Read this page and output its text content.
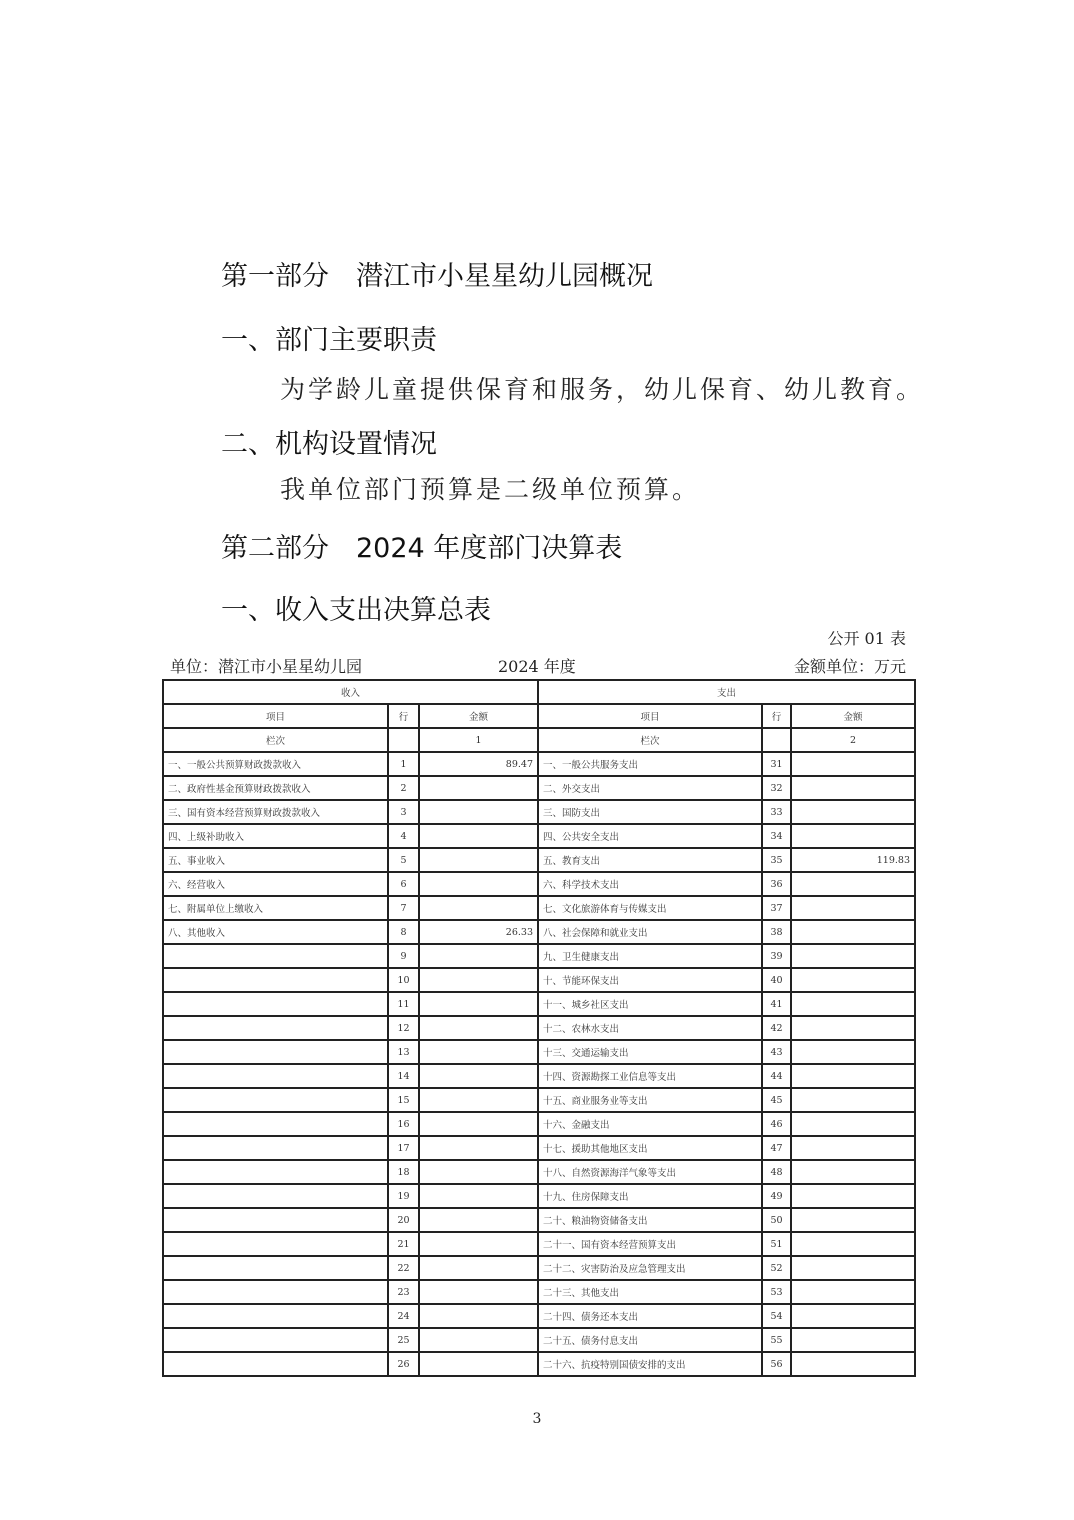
第一部分　潜江市小星星幼儿园概况
一、部门主要职责
为学龄儿童提供保育和服务，幼儿保育、幼儿教育。
二、机构设置情况
我单位部门预算是二级单位预算。
第二部分　2024 年度部门决算表
一、收入支出决算总表
公开 01 表
单位：潜江市小星星幼儿园	2024 年度	金额单位：万元
收入			支出		
项目	行	金额	项目	行	金额
栏次		1	栏次		2
一、一般公共预算财政拨款收入	1	89.47	一、一般公共服务支出	31	
二、政府性基金预算财政拨款收入	2		二、外交支出	32	
三、国有资本经营预算财政拨款收入	3		三、国防支出	33	
四、上级补助收入	4		四、公共安全支出	34	
五、事业收入	5		五、教育支出	35	119.83
六、经营收入	6		六、科学技术支出	36	
七、附属单位上缴收入	7		七、文化旅游体育与传媒支出	37	
八、其他收入	8	26.33	八、社会保障和就业支出	38	
	9		九、卫生健康支出	39	
	10		十、节能环保支出	40	
	11		十一、城乡社区支出	41	
	12		十二、农林水支出	42	
	13		十三、交通运输支出	43	
	14		十四、资源勘探工业信息等支出	44	
	15		十五、商业服务业等支出	45	
	16		十六、金融支出	46	
	17		十七、援助其他地区支出	47	
	18		十八、自然资源海洋气象等支出	48	
	19		十九、住房保障支出	49	
	20		二十、粮油物资储备支出	50	
	21		二十一、国有资本经营预算支出	51	
	22		二十二、灾害防治及应急管理支出	52	
	23		二十三、其他支出	53	
	24		二十四、债务还本支出	54	
	25		二十五、债务付息支出	55	
	26		二十六、抗疫特别国债安排的支出	56	
3
